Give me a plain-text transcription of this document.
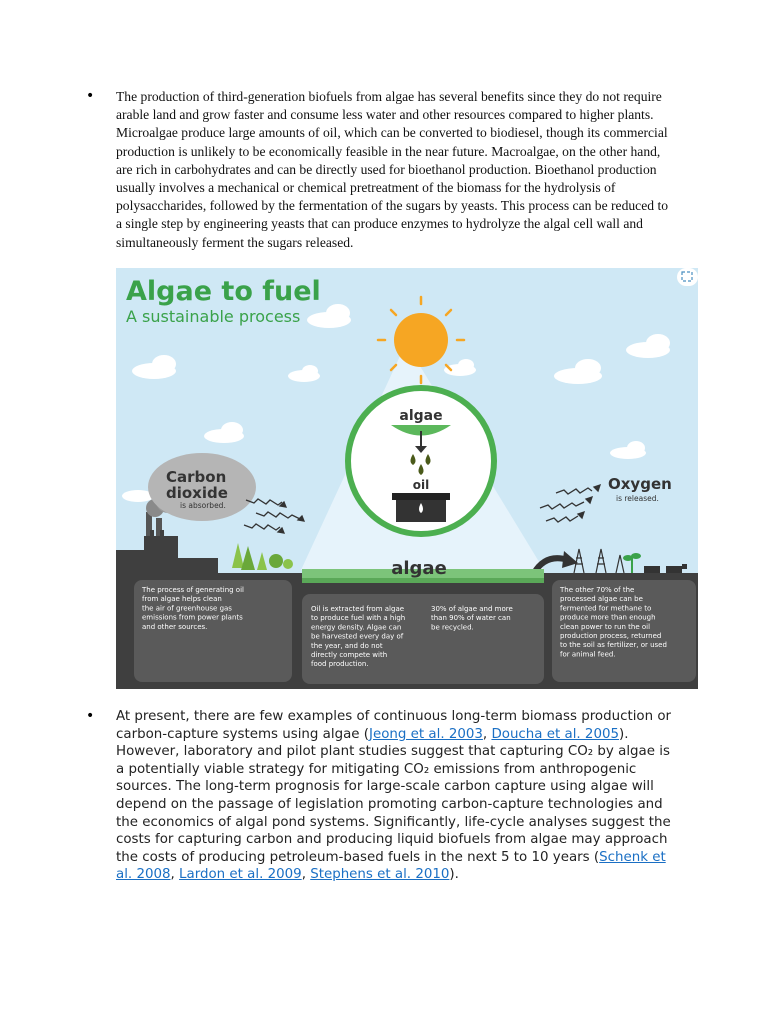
• The production of third-generation biofuels from algae has several benefits since they do not require arable land and grow faster and consume less water and other resources compared to higher plants. Microalgae produce large amounts of oil, which can be converted to biodiesel, though its commercial production is unlikely to be economically feasible in the near future. Macroalgae, on the other hand, are rich in carbohydrates and can be directly used for bioethanol production. Bioethanol production usually involves a mechanical or chemical pretreatment of the biomass for the hydrolysis of polysaccharides, followed by the fermentation of the sugars by yeasts. This process can be reduced to a single step by engineering yeasts that can produce enzymes to hydrolyze the algal cell wall and simultaneously ferment the sugars released.
Algae to fuel
A sustainable process
algae
oil
Carbon
dioxide
is absorbed.
Oxygen
is released.
algae
The process of generating oil
from algae helps clean
the air of greenhouse gas
emissions from power plants
and other sources.
Oil is extracted from algae
to produce fuel with a high
energy density. Algae can
be harvested every day of
the year, and do not
directly compete with
food production.
30% of algae and more
than 90% of water can
be recycled.
The other 70% of the
processed algae can be
fermented for methane to
produce more than enough
clean power to run the oil
production process, returned
to the soil as fertilizer, or used
for animal feed.
• At present, there are few examples of continuous long-term biomass production or carbon-capture systems using algae (Jeong et al. 2003, Doucha et al. 2005). However, laboratory and pilot plant studies suggest that capturing CO₂ by algae is a potentially viable strategy for mitigating CO₂ emissions from anthropogenic sources. The long-term prognosis for large-scale carbon capture using algae will depend on the passage of legislation promoting carbon-capture technologies and the economics of algal pond systems. Significantly, life-cycle analyses suggest the costs for capturing carbon and producing liquid biofuels from algae may approach the costs of producing petroleum-based fuels in the next 5 to 10 years (Schenk et al. 2008, Lardon et al. 2009, Stephens et al. 2010).
